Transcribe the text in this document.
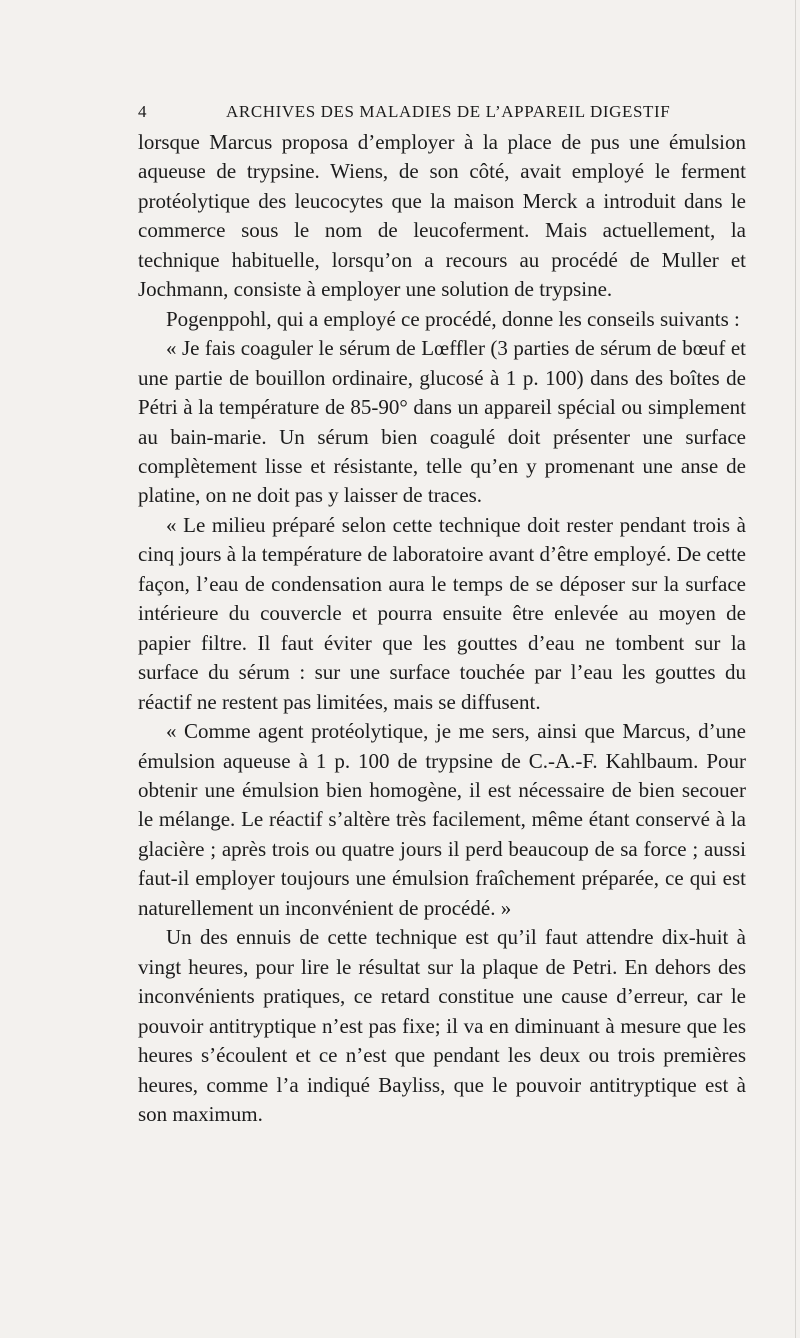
4	ARCHIVES DES MALADIES DE L’APPAREIL DIGESTIF

lorsque Marcus proposa d’employer à la place de pus une émulsion aqueuse de trypsine. Wiens, de son côté, avait employé le ferment protéolytique des leucocytes que la maison Merck a introduit dans le commerce sous le nom de leucoferment. Mais actuellement, la technique habituelle, lorsqu’on a recours au procédé de Muller et Jochmann, consiste à employer une solution de trypsine.

Pogenppohl, qui a employé ce procédé, donne les conseils suivants :

« Je fais coaguler le sérum de Lœffler (3 parties de sérum de bœuf et une partie de bouillon ordinaire, glucosé à 1 p. 100) dans des boîtes de Pétri à la température de 85-90° dans un appareil spécial ou simplement au bain-marie. Un sérum bien coagulé doit présenter une surface complètement lisse et résistante, telle qu’en y promenant une anse de platine, on ne doit pas y laisser de traces.

« Le milieu préparé selon cette technique doit rester pendant trois à cinq jours à la température de laboratoire avant d’être employé. De cette façon, l’eau de condensation aura le temps de se déposer sur la surface intérieure du couvercle et pourra ensuite être enlevée au moyen de papier filtre. Il faut éviter que les gouttes d’eau ne tombent sur la surface du sérum : sur une surface touchée par l’eau les gouttes du réactif ne restent pas limitées, mais se diffusent.

« Comme agent protéolytique, je me sers, ainsi que Marcus, d’une émulsion aqueuse à 1 p. 100 de trypsine de C.-A.-F. Kahlbaum. Pour obtenir une émulsion bien homogène, il est nécessaire de bien secouer le mélange. Le réactif s’altère très facilement, même étant conservé à la glacière ; après trois ou quatre jours il perd beaucoup de sa force ; aussi faut-il employer toujours une émulsion fraîchement préparée, ce qui est naturellement un inconvénient de procédé. »

Un des ennuis de cette technique est qu’il faut attendre dix-huit à vingt heures, pour lire le résultat sur la plaque de Petri. En dehors des inconvénients pratiques, ce retard constitue une cause d’erreur, car le pouvoir antitryptique n’est pas fixe; il va en diminuant à mesure que les heures s’écoulent et ce n’est que pendant les deux ou trois premières heures, comme l’a indiqué Bayliss, que le pouvoir antitryptique est à son maximum.
